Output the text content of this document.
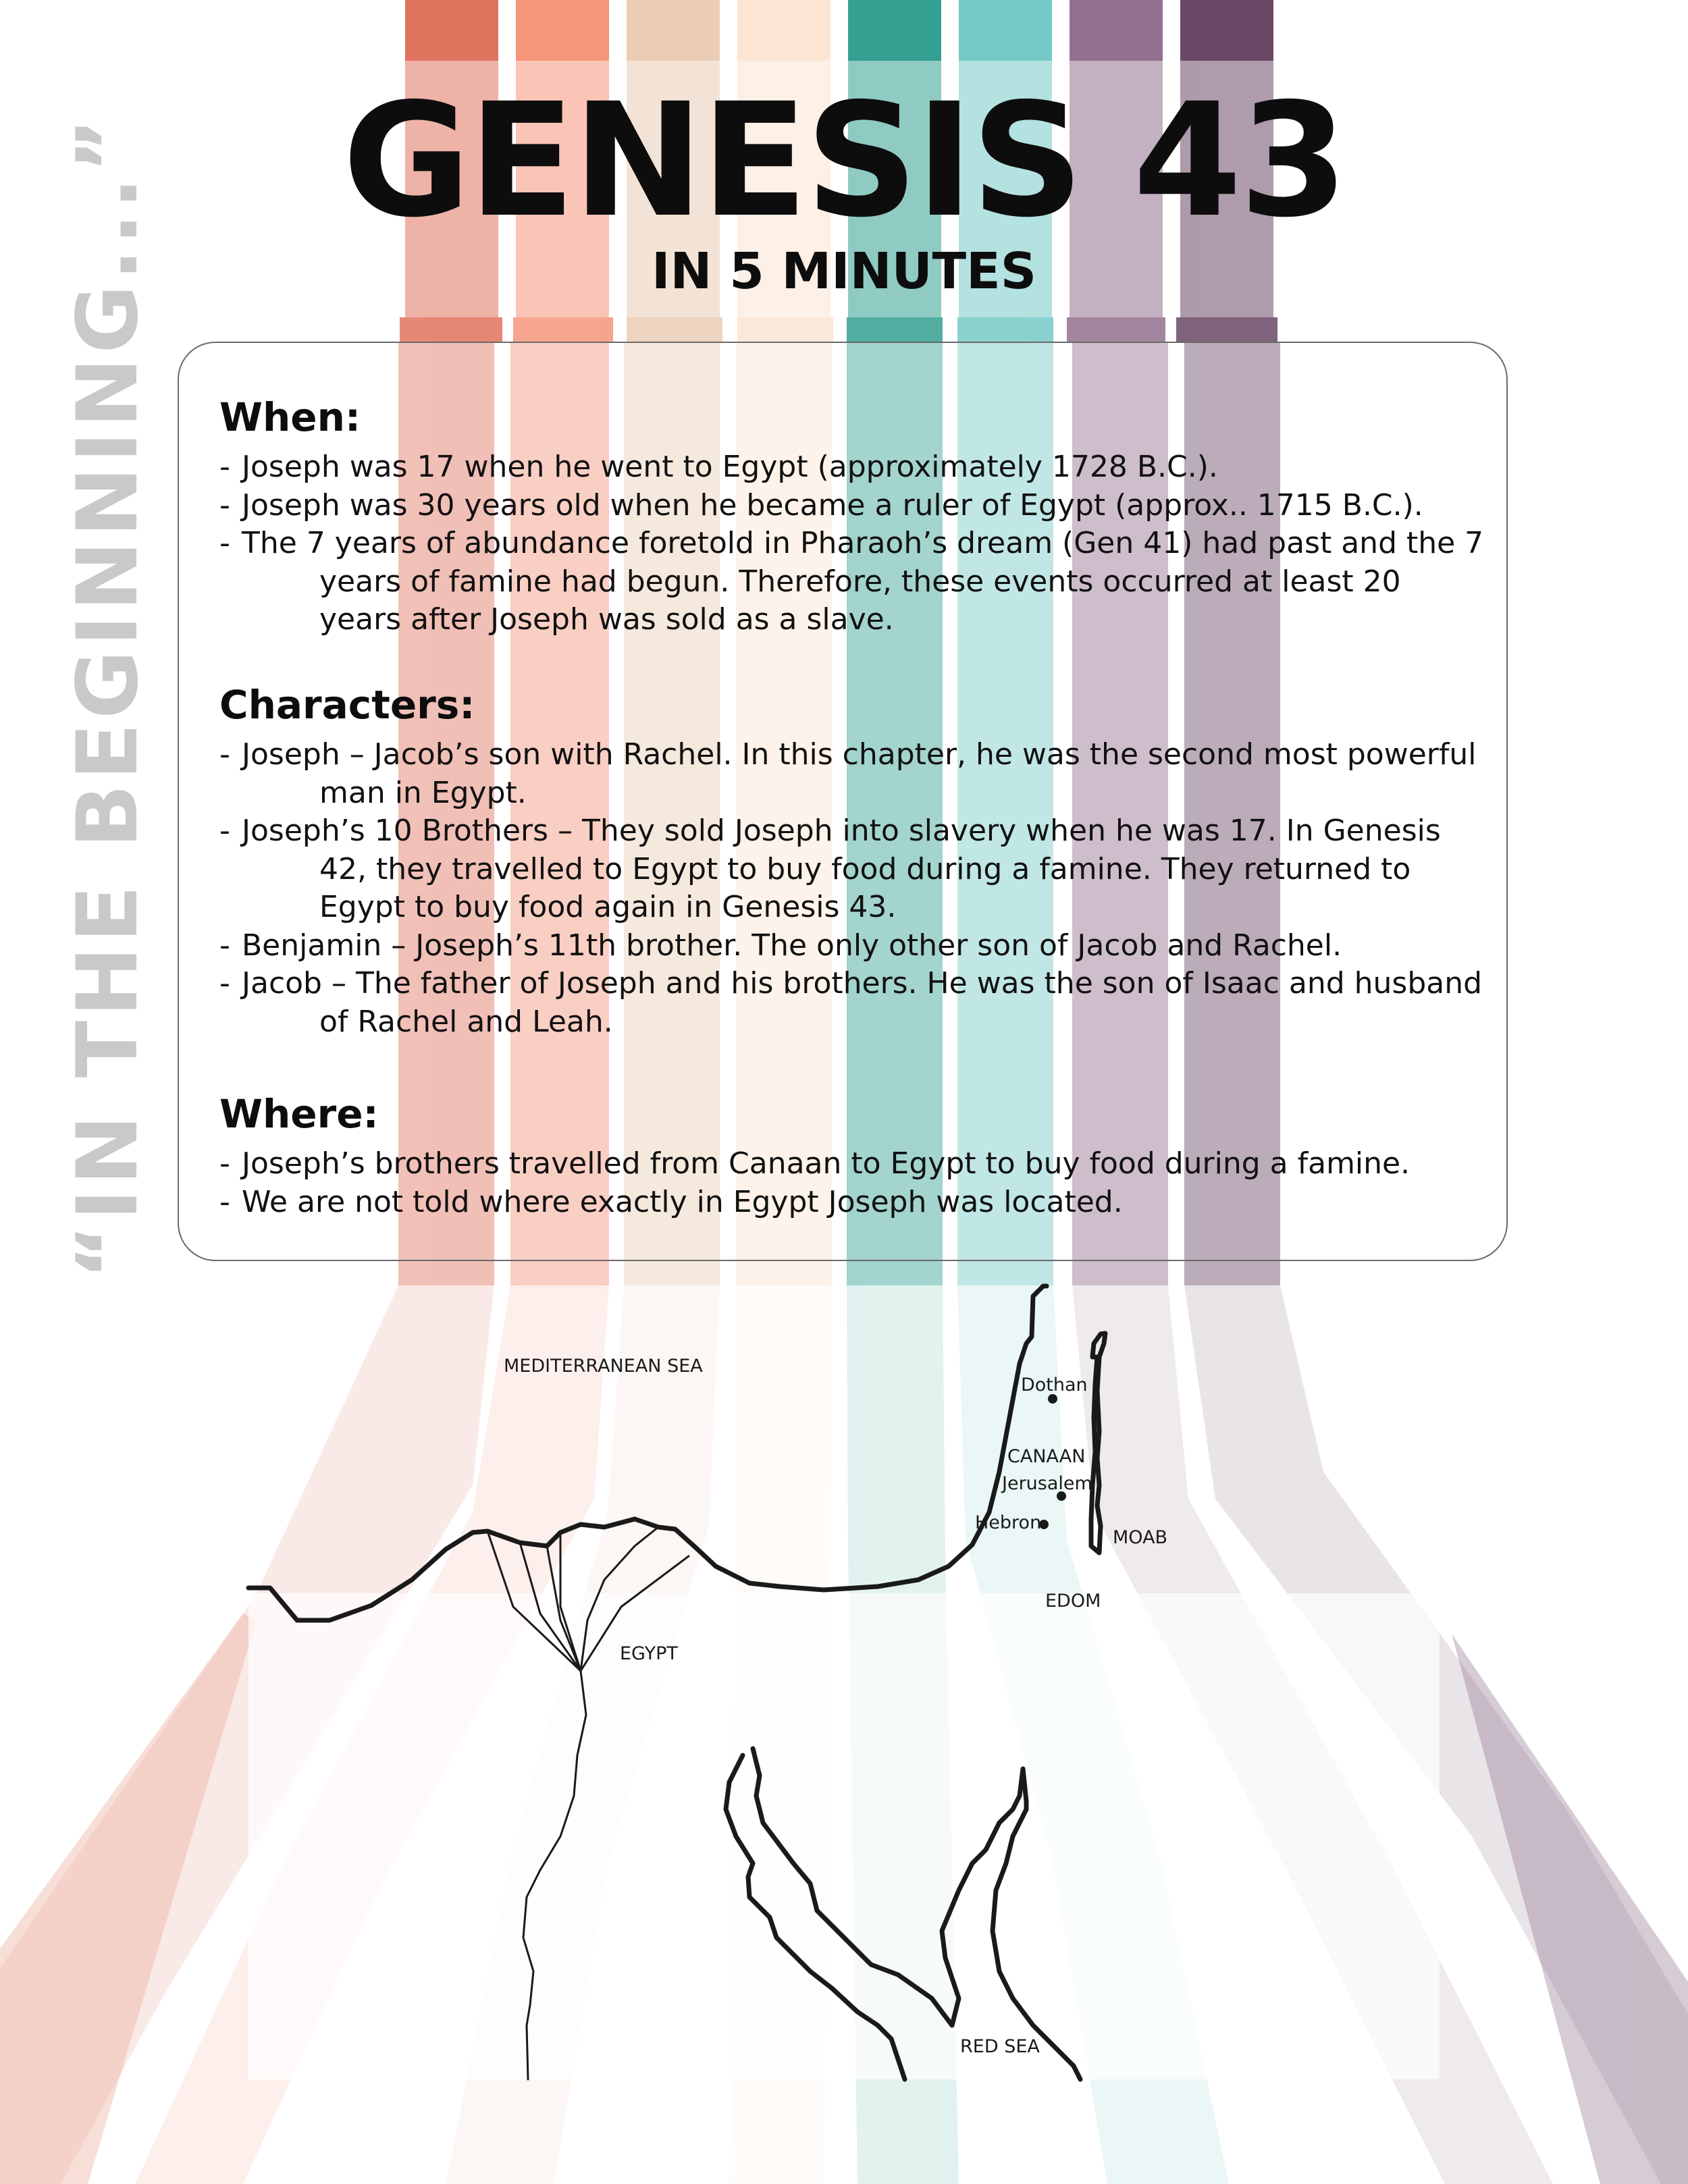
“IN THE BEGINNING...”	GENESIS 43
IN 5 MINUTES
When:

- Joseph was 17 when he went to Egypt (approximately 1728 B.C.).

- Joseph was 30 years old when he became a ruler of Egypt (approx.. 1715 B.C.).

- The 7 years of abundance foretold in Pharaoh’s dream (Gen 41) had past and the 7 years of famine had begun. Therefore, these events occurred at least 20 years after Joseph was sold as a slave.

Characters:

- Joseph – Jacob’s son with Rachel. In this chapter, he was the second most powerful man in Egypt.

- Joseph’s 10 Brothers – They sold Joseph into slavery when he was 17. In Genesis 42, they travelled to Egypt to buy food during a famine. They returned to Egypt to buy food again in Genesis 43.

- Benjamin – Joseph’s 11th brother. The only other son of Jacob and Rachel.

- Jacob – The father of Joseph and his brothers. He was the son of Isaac and husband of Rachel and Leah.

Where:

- Joseph’s brothers travelled from Canaan to Egypt to buy food during a famine.

- We are not told where exactly in Egypt Joseph was located.

MEDITERRANEAN SEA
Dothan
CANAAN
Jerusalem
Hebron
MOAB
EDOM
EGYPT
RED SEA
